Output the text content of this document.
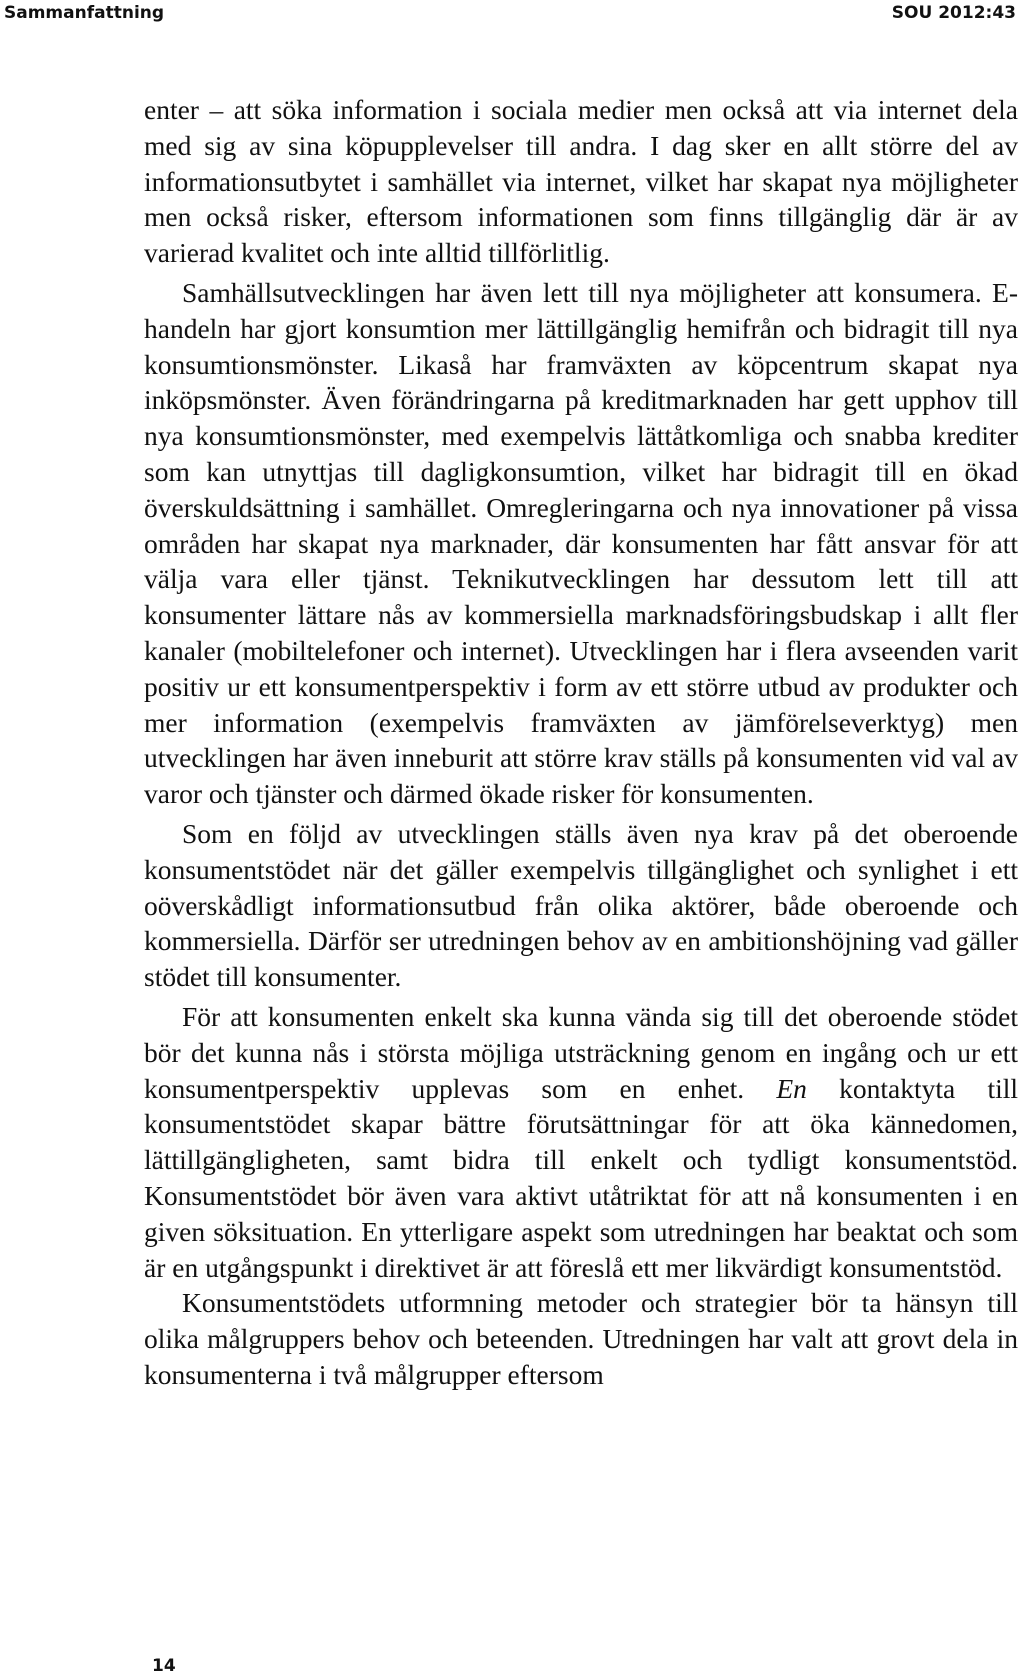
Sammanfattning	SOU 2012:43

enter – att söka information i sociala medier men också att via internet dela med sig av sina köpupplevelser till andra. I dag sker en allt större del av informationsutbytet i samhället via internet, vilket har skapat nya möjligheter men också risker, eftersom informationen som finns tillgänglig där är av varierad kvalitet och inte alltid tillförlitlig.

Samhällsutvecklingen har även lett till nya möjligheter att konsumera. E-handeln har gjort konsumtion mer lättillgänglig hemifrån och bidragit till nya konsumtionsmönster. Likaså har framväxten av köpcentrum skapat nya inköpsmönster. Även förändringarna på kreditmarknaden har gett upphov till nya konsumtionsmönster, med exempelvis lättåtkomliga och snabba krediter som kan utnyttjas till dagligkonsumtion, vilket har bidragit till en ökad överskuldsättning i samhället. Omregleringarna och nya innovationer på vissa områden har skapat nya marknader, där konsumenten har fått ansvar för att välja vara eller tjänst. Teknikutvecklingen har dessutom lett till att konsumenter lättare nås av kommersiella marknadsföringsbudskap i allt fler kanaler (mobiltelefoner och internet). Utvecklingen har i flera avseenden varit positiv ur ett konsumentperspektiv i form av ett större utbud av produkter och mer information (exempelvis framväxten av jämförelseverktyg) men utvecklingen har även inneburit att större krav ställs på konsumenten vid val av varor och tjänster och därmed ökade risker för konsumenten.

Som en följd av utvecklingen ställs även nya krav på det oberoende konsumentstödet när det gäller exempelvis tillgänglighet och synlighet i ett oöverskådligt informationsutbud från olika aktörer, både oberoende och kommersiella. Därför ser utredningen behov av en ambitionshöjning vad gäller stödet till konsumenter.

För att konsumenten enkelt ska kunna vända sig till det oberoende stödet bör det kunna nås i största möjliga utsträckning genom en ingång och ur ett konsumentperspektiv upplevas som en enhet. En kontaktyta till konsumentstödet skapar bättre förutsättningar för att öka kännedomen, lättillgängligheten, samt bidra till enkelt och tydligt konsumentstöd. Konsumentstödet bör även vara aktivt utåtriktat för att nå konsumenten i en given söksituation. En ytterligare aspekt som utredningen har beaktat och som är en utgångspunkt i direktivet är att föreslå ett mer likvärdigt konsumentstöd.

Konsumentstödets utformning metoder och strategier bör ta hänsyn till olika målgruppers behov och beteenden. Utredningen har valt att grovt dela in konsumenterna i två målgrupper eftersom

14
